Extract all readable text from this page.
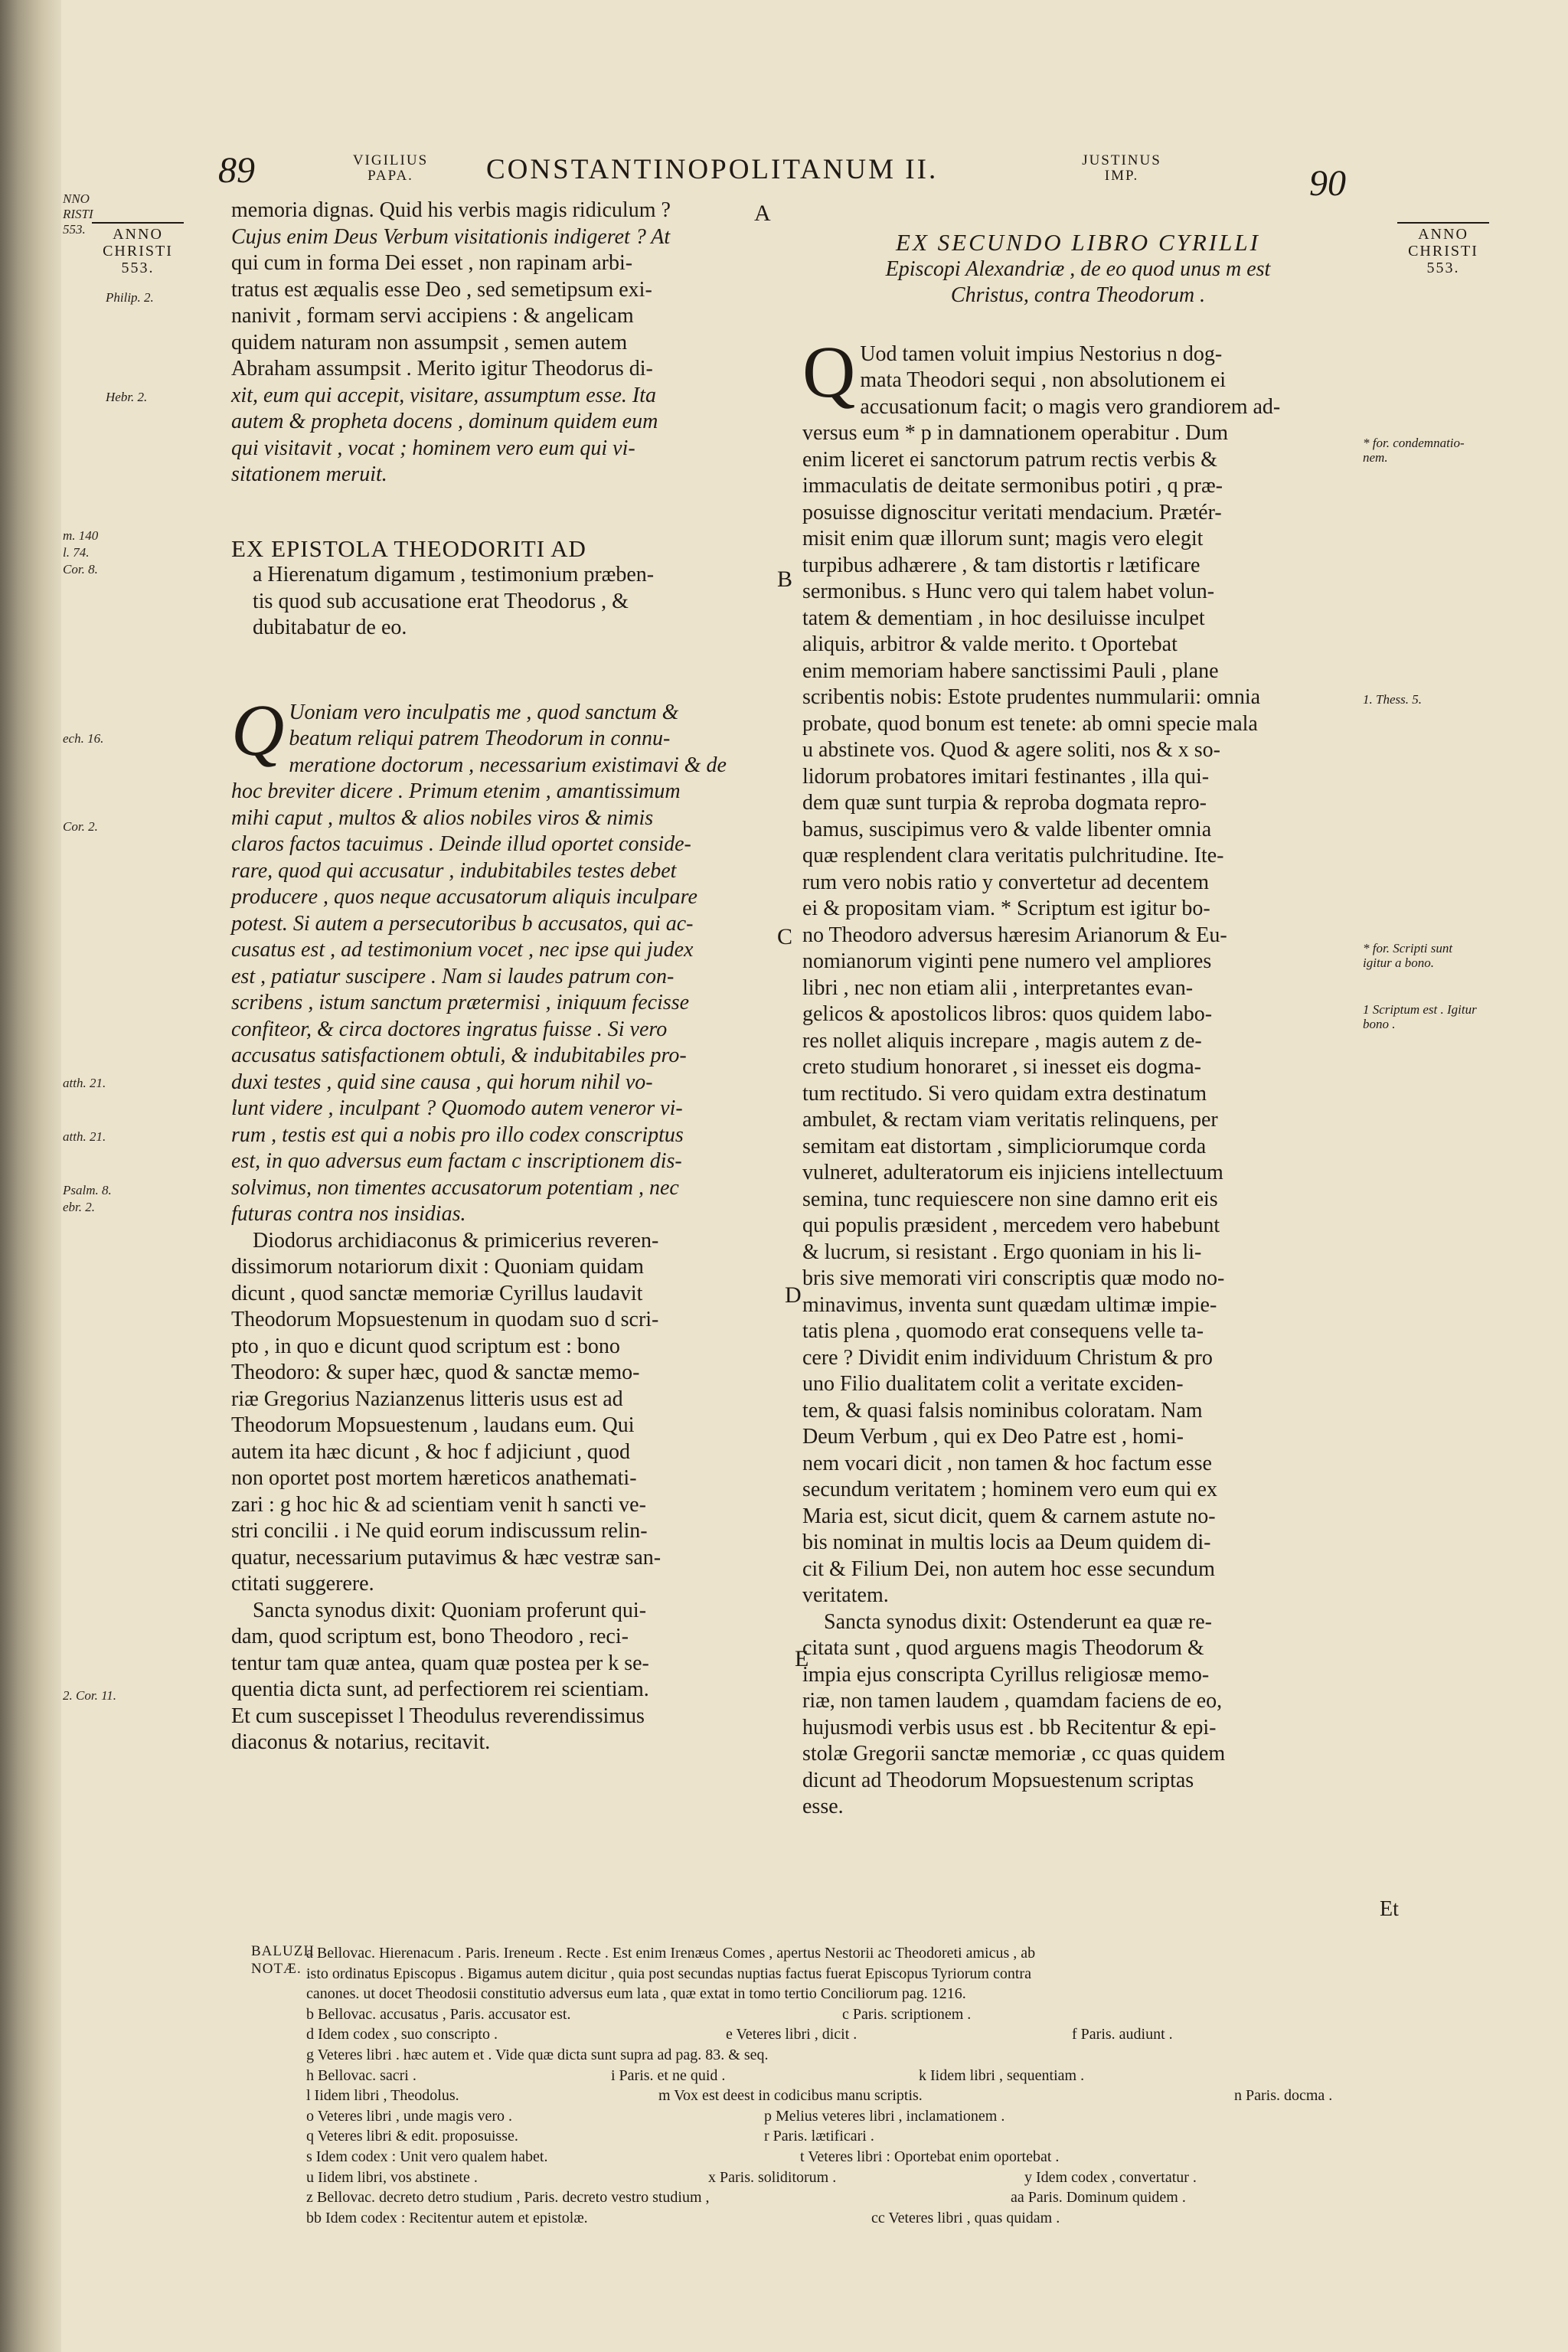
NNO
RISTI
553.
m. 140
l. 74.
Cor. 8.
ech. 16.
Cor. 2.
atth. 21.
atth. 21.
Psalm. 8.
ebr. 2.
2. Cor. 11.
89	VIGILIUS PAPA.	CONSTANTINOPOLITANUM II.	JUSTINUS IMP.	90
ANNO CHRISTI
553.
ANNO CHRISTI
553.
Philip. 2.
Hebr. 2.
* for. condemnatio-nem.
1. Thess. 5.
* for. Scripti sunt igitur a bono.
1 Scriptum est . Igitur bono .
A
B
C
D
E

memoria dignas. Quid his verbis magis ridiculum ?

Cujus enim Deus Verbum visitationis indigeret ? At

qui cum in forma Dei esset , non rapinam arbi-

tratus est æqualis esse Deo , sed semetipsum exi-

nanivit , formam servi accipiens : & angelicam

quidem naturam non assumpsit , semen autem

Abraham assumpsit . Merito igitur Theodorus di-

xit, eum qui accepit, visitare, assumptum esse. Ita

autem & propheta docens , dominum quidem eum

qui visitavit , vocat ; hominem vero eum qui vi-

sitationem meruit.

EX EPISTOLA THEODORITI AD

a Hierenatum digamum , testimonium præben-

tis quod sub accusatione erat Theodorus , &

dubitabatur de eo.

Q Uoniam vero inculpatis me , quod sanctum &

beatum reliqui patrem Theodorum in connu-

meratione doctorum , necessarium existimavi & de

hoc breviter dicere . Primum etenim , amantissimum

mihi caput , multos & alios nobiles viros & nimis

claros factos tacuimus . Deinde illud oportet conside-

rare, quod qui accusatur , indubitabiles testes debet

producere , quos neque accusatorum aliquis inculpare

potest. Si autem a persecutoribus b accusatos, qui ac-

cusatus est , ad testimonium vocet , nec ipse qui judex

est , patiatur suscipere . Nam si laudes patrum con-

scribens , istum sanctum prætermisi , iniquum fecisse

confiteor, & circa doctores ingratus fuisse . Si vero

accusatus satisfactionem obtuli, & indubitabiles pro-

duxi testes , quid sine causa , qui horum nihil vo-

lunt videre , inculpant ? Quomodo autem veneror vi-

rum , testis est qui a nobis pro illo codex conscriptus

est, in quo adversus eum factam c inscriptionem dis-

solvimus, non timentes accusatorum potentiam , nec

futuras contra nos insidias.

Diodorus archidiaconus & primicerius reveren-

dissimorum notariorum dixit : Quoniam quidam

dicunt , quod sanctæ memoriæ Cyrillus laudavit

Theodorum Mopsuestenum in quodam suo d scri-

pto , in quo e dicunt quod scriptum est : bono

Theodoro: & super hæc, quod & sanctæ memo-

riæ Gregorius Nazianzenus litteris usus est ad

Theodorum Mopsuestenum , laudans eum. Qui

autem ita hæc dicunt , & hoc f adjiciunt , quod

non oportet post mortem hæreticos anathemati-

zari : g hoc hic & ad scientiam venit h sancti ve-

stri concilii . i Ne quid eorum indiscussum relin-

quatur, necessarium putavimus & hæc vestræ san-

ctitati suggerere.

Sancta synodus dixit: Quoniam proferunt qui-

dam, quod scriptum est, bono Theodoro , reci-

tentur tam quæ antea, quam quæ postea per k se-

quentia dicta sunt, ad perfectiorem rei scientiam.

Et cum suscepisset l Theodulus reverendissimus

diaconus & notarius, recitavit.

EX SECUNDO LIBRO CYRILLI

Episcopi Alexandriæ , de eo quod unus m est

Christus, contra Theodorum .

Q Uod tamen voluit impius Nestorius n dog-

mata Theodori sequi , non absolutionem ei

accusationum facit; o magis vero grandiorem ad-

versus eum * p in damnationem operabitur . Dum

enim liceret ei sanctorum patrum rectis verbis &

immaculatis de deitate sermonibus potiri , q præ-

posuisse dignoscitur veritati mendacium. Prætér-

misit enim quæ illorum sunt; magis vero elegit

turpibus adhærere , & tam distortis r lætificare

sermonibus. s Hunc vero qui talem habet volun-

tatem & dementiam , in hoc desiluisse inculpet

aliquis, arbitror & valde merito. t Oportebat

enim memoriam habere sanctissimi Pauli , plane

scribentis nobis: Estote prudentes nummularii: omnia

probate, quod bonum est tenete: ab omni specie mala

u abstinete vos. Quod & agere soliti, nos & x so-

lidorum probatores imitari festinantes , illa qui-

dem quæ sunt turpia & reproba dogmata repro-

bamus, suscipimus vero & valde libenter omnia

quæ resplendent clara veritatis pulchritudine. Ite-

rum vero nobis ratio y convertetur ad decentem

ei & propositam viam. * Scriptum est igitur bo-

no Theodoro adversus hæresim Arianorum & Eu-

nomianorum viginti pene numero vel ampliores

libri , nec non etiam alii , interpretantes evan-

gelicos & apostolicos libros: quos quidem labo-

res nollet aliquis increpare , magis autem z de-

creto studium honoraret , si inesset eis dogma-

tum rectitudo. Si vero quidam extra destinatum

ambulet, & rectam viam veritatis relinquens, per

semitam eat distortam , simpliciorumque corda

vulneret, adulteratorum eis injiciens intellectuum

semina, tunc requiescere non sine damno erit eis

qui populis præsident , mercedem vero habebunt

& lucrum, si resistant . Ergo quoniam in his li-

bris sive memorati viri conscriptis quæ modo no-

minavimus, inventa sunt quædam ultimæ impie-

tatis plena , quomodo erat consequens velle ta-

cere ? Dividit enim individuum Christum & pro

uno Filio dualitatem colit a veritate exciden-

tem, & quasi falsis nominibus coloratam. Nam

Deum Verbum , qui ex Deo Patre est , homi-

nem vocari dicit , non tamen & hoc factum esse

secundum veritatem ; hominem vero eum qui ex

Maria est, sicut dicit, quem & carnem astute no-

bis nominat in multis locis aa Deum quidem di-

cit & Filium Dei, non autem hoc esse secundum

veritatem.

Sancta synodus dixit: Ostenderunt ea quæ re-

citata sunt , quod arguens magis Theodorum &

impia ejus conscripta Cyrillus religiosæ memo-

riæ, non tamen laudem , quamdam faciens de eo,

hujusmodi verbis usus est . bb Recitentur & epi-

stolæ Gregorii sanctæ memoriæ , cc quas quidem

dicunt ad Theodorum Mopsuestenum scriptas

esse.

Et
BALUZII NOTÆ.
a Bellovac. Hierenacum . Paris. Ireneum . Recte . Est enim Irenæus Comes , apertus Nestorii ac Theodoreti amicus , ab
isto ordinatus Episcopus . Bigamus autem dicitur , quia post secundas nuptias factus fuerat Episcopus Tyriorum contra
canones. ut docet Theodosii constitutio adversus eum lata , quæ extat in tomo tertio Conciliorum pag. 1216.
b Bellovac. accusatus , Paris. accusator est.	c Paris. scriptionem .
d Idem codex , suo conscripto .	e Veteres libri , dicit .	f Paris. audiunt .
g Veteres libri . hæc autem et . Vide quæ dicta sunt supra ad pag. 83. & seq.
h Bellovac. sacri .	i Paris. et ne quid .	k Iidem libri , sequentiam .
l Iidem libri , Theodolus.	m Vox est deest in codicibus manu scriptis.	n Paris. docma .
o Veteres libri , unde magis vero .	p Melius veteres libri , inclamationem .
q Veteres libri & edit. proposuisse.	r Paris. lætificari .
s Idem codex : Unit vero qualem habet.	t Veteres libri : Oportebat enim oportebat .
u Iidem libri, vos abstinete .	x Paris. soliditorum .	y Idem codex , convertatur .
z Bellovac. decreto detro studium , Paris. decreto vestro studium ,	aa Paris. Dominum quidem .
bb Idem codex : Recitentur autem et epistolæ.	cc Veteres libri , quas quidam .
